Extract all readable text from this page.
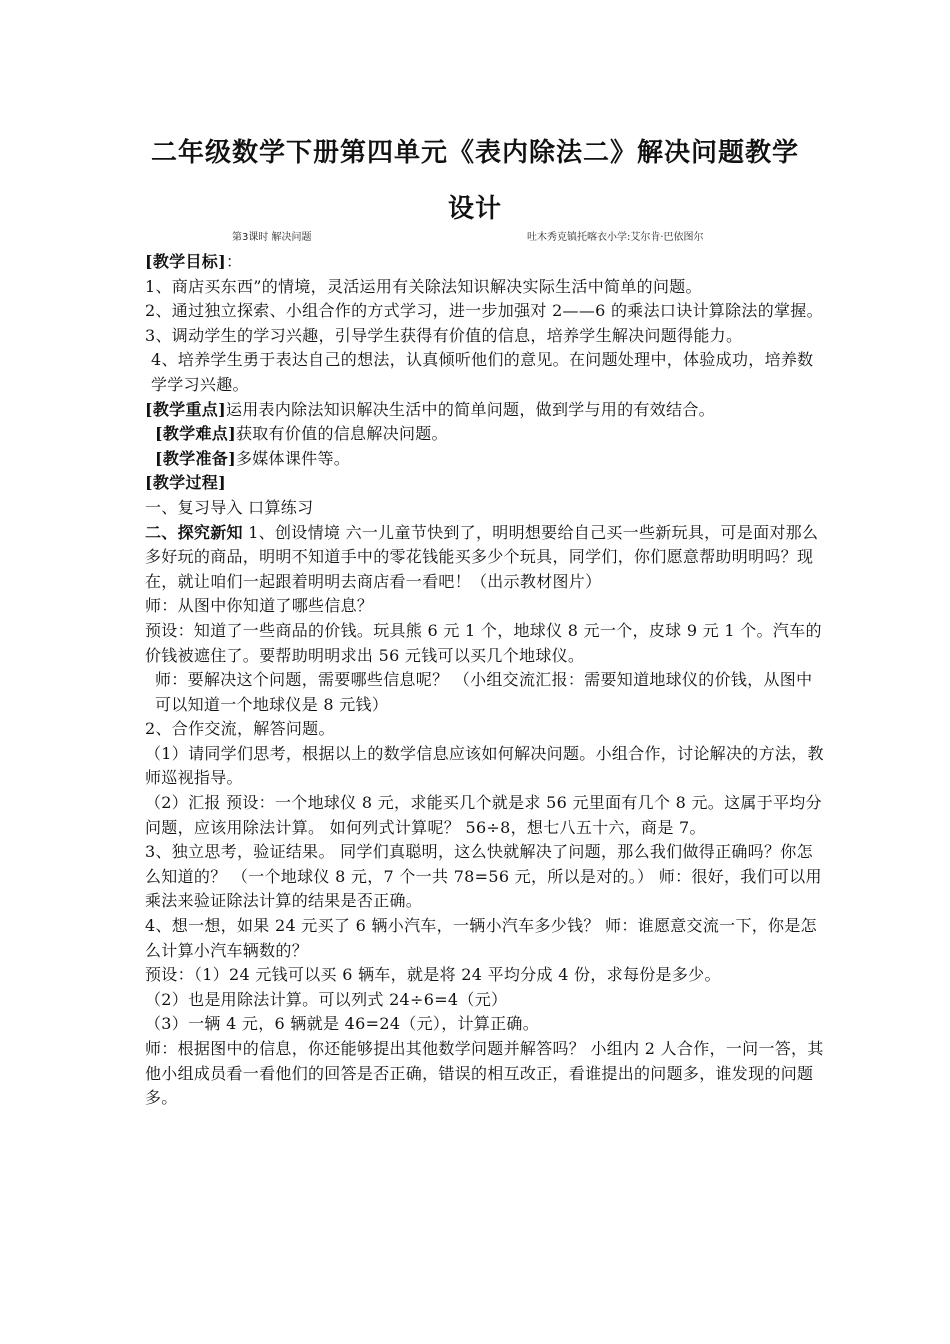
二年级数学下册第四单元《表内除法二》解决问题教学设计
第3课时 解决问题	吐木秀克镇托喀衣小学:艾尔肯·巴依图尔

[教学目标]：

1、商店买东西”的情境，灵活运用有关除法知识解决实际生活中简单的问题。

2、通过独立探索、小组合作的方式学习，进一步加强对 2——6 的乘法口诀计算除法的掌握。

3、调动学生的学习兴趣，引导学生获得有价值的信息，培养学生解决问题得能力。

4、培养学生勇于表达自己的想法，认真倾听他们的意见。在问题处理中，体验成功，培养数学学习兴趣。

[教学重点]运用表内除法知识解决生活中的简单问题，做到学与用的有效结合。

[教学难点]获取有价值的信息解决问题。

[教学准备]多媒体课件等。

[教学过程]

一、复习导入 口算练习

二、探究新知 1、创设情境 六一儿童节快到了，明明想要给自己买一些新玩具，可是面对那么多好玩的商品，明明不知道手中的零花钱能买多少个玩具，同学们，你们愿意帮助明明吗？现在，就让咱们一起跟着明明去商店看一看吧！（出示教材图片）

师：从图中你知道了哪些信息？

预设：知道了一些商品的价钱。玩具熊 6 元 1 个，地球仪 8 元一个，皮球 9 元 1 个。汽车的价钱被遮住了。要帮助明明求出 56 元钱可以买几个地球仪。

师：要解决这个问题，需要哪些信息呢？ （小组交流汇报：需要知道地球仪的价钱，从图中可以知道一个地球仪是 8 元钱）

2、合作交流，解答问题。

（1）请同学们思考，根据以上的数学信息应该如何解决问题。小组合作，讨论解决的方法，教师巡视指导。

（2）汇报 预设：一个地球仪 8 元，求能买几个就是求 56 元里面有几个 8 元。这属于平均分问题，应该用除法计算。 如何列式计算呢？ 56÷8，想七八五十六，商是 7。

3、独立思考，验证结果。 同学们真聪明，这么快就解决了问题，那么我们做得正确吗？你怎么知道的？ （一个地球仪 8 元，7 个一共 78=56 元，所以是对的。） 师：很好，我们可以用乘法来验证除法计算的结果是否正确。

4、想一想，如果 24 元买了 6 辆小汽车，一辆小汽车多少钱？ 师：谁愿意交流一下，你是怎么计算小汽车辆数的？

预设：（1）24 元钱可以买 6 辆车，就是将 24 平均分成 4 份，求每份是多少。

（2）也是用除法计算。可以列式 24÷6=4（元）

（3）一辆 4 元，6 辆就是 46=24（元），计算正确。

师：根据图中的信息，你还能够提出其他数学问题并解答吗？ 小组内 2 人合作，一问一答，其他小组成员看一看他们的回答是否正确，错误的相互改正，看谁提出的问题多，谁发现的问题多。
